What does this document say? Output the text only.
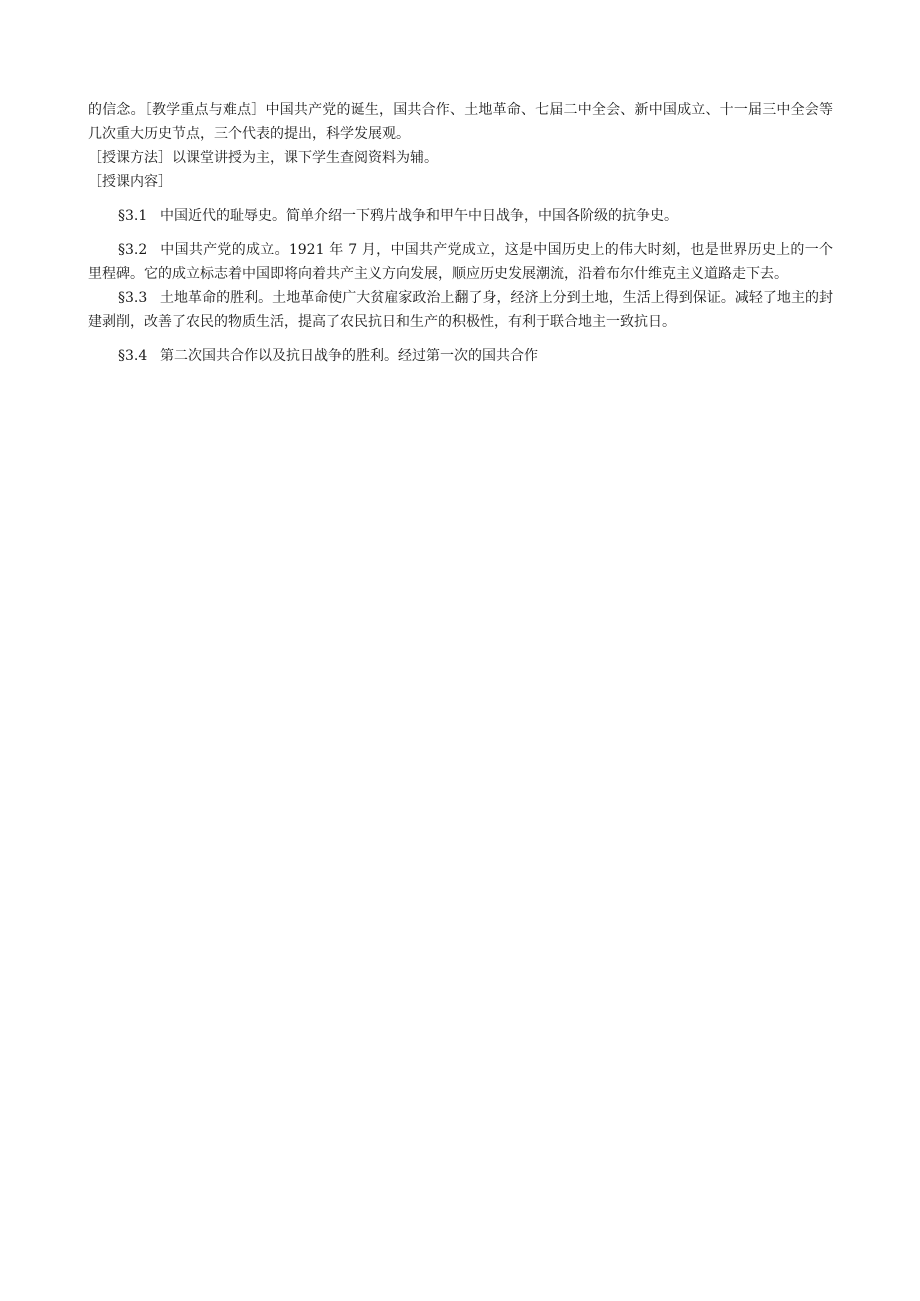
的信念。［教学重点与难点］中国共产党的诞生，国共合作、土地革命、七届二中全会、新中国成立、十一届三中全会等几次重大历史节点，三个代表的提出，科学发展观。

［授课方法］以课堂讲授为主，课下学生查阅资料为辅。

［授课内容］

§3.1 中国近代的耻辱史。简单介绍一下鸦片战争和甲午中日战争，中国各阶级的抗争史。

§3.2 中国共产党的成立。1921 年 7 月，中国共产党成立，这是中国历史上的伟大时刻，也是世界历史上的一个里程碑。它的成立标志着中国即将向着共产主义方向发展，顺应历史发展潮流，沿着布尔什维克主义道路走下去。

§3.3 土地革命的胜利。土地革命使广大贫雇家政治上翻了身，经济上分到土地，生活上得到保证。减轻了地主的封建剥削，改善了农民的物质生活，提高了农民抗日和生产的积极性，有利于联合地主一致抗日。

§3.4 第二次国共合作以及抗日战争的胜利。经过第一次的国共合作
